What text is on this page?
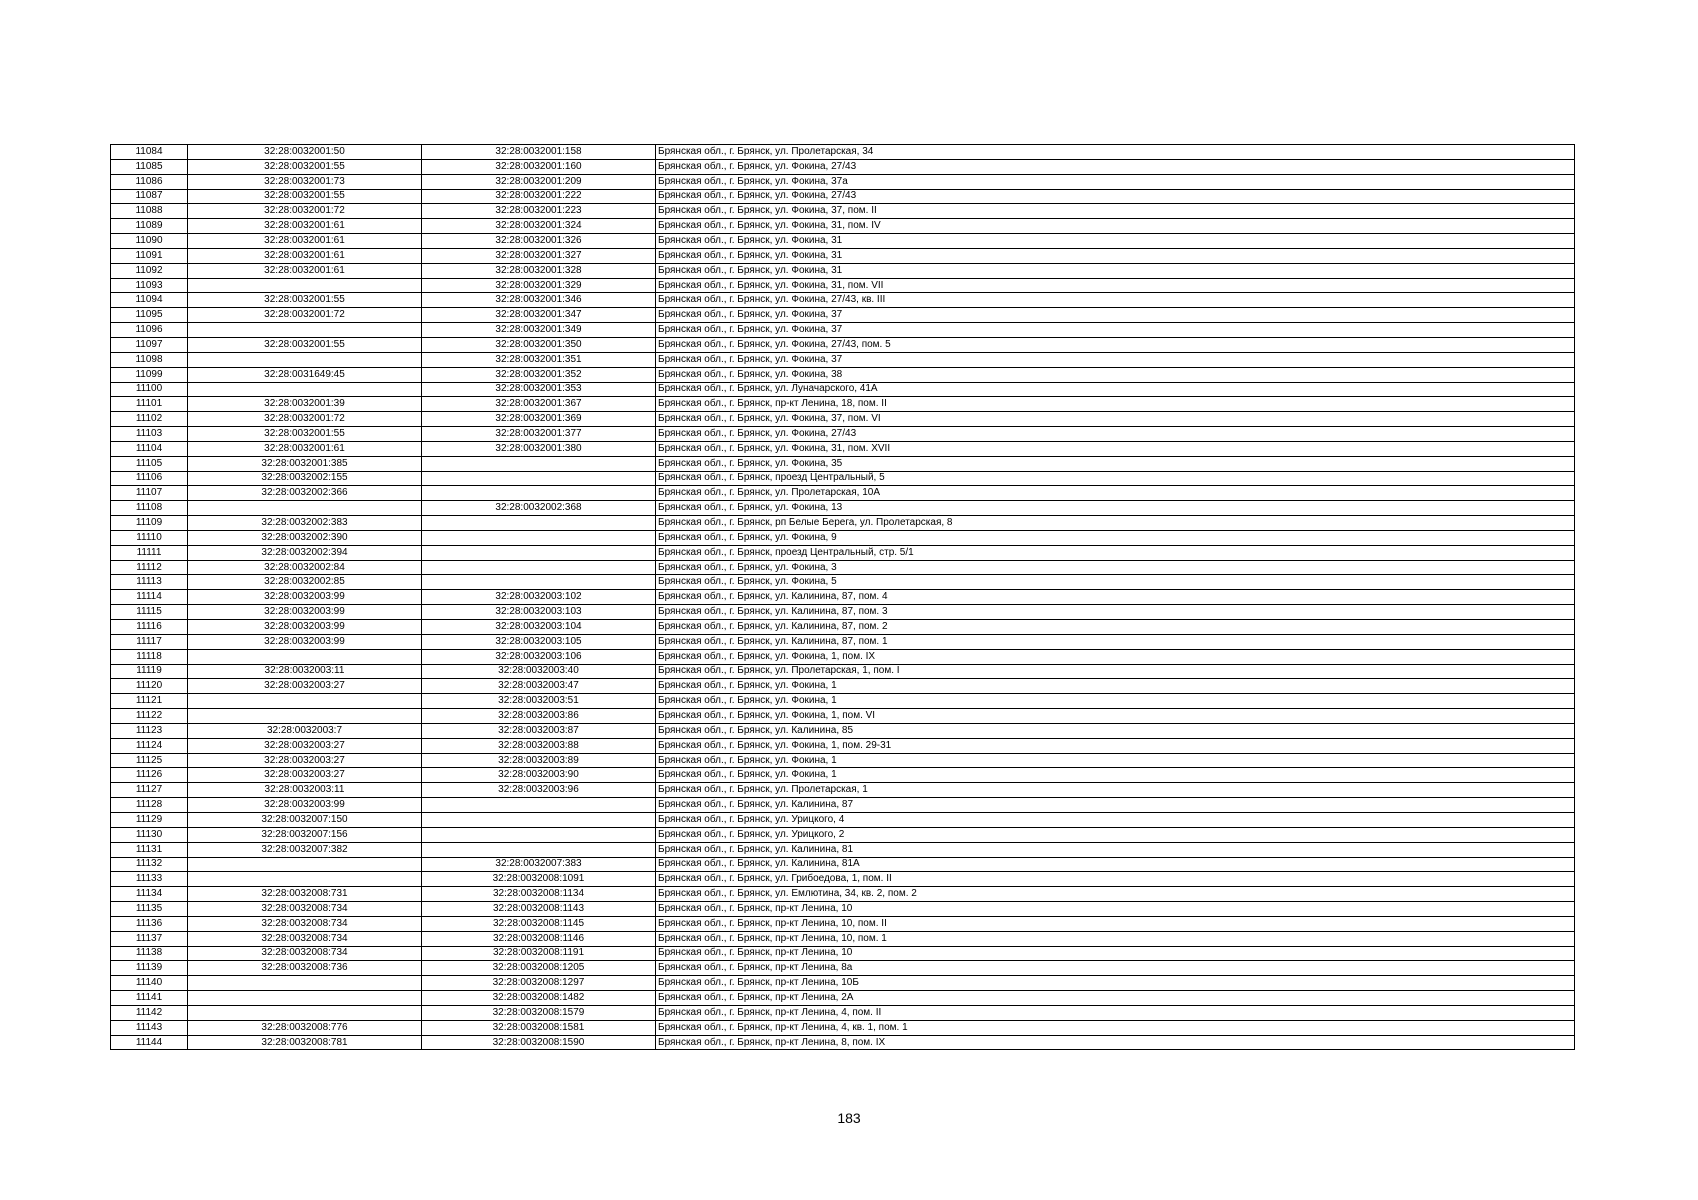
11084	32:28:0032001:50	32:28:0032001:158	Брянская обл., г. Брянск, ул. Пролетарская, 34
11085	32:28:0032001:55	32:28:0032001:160	Брянская обл., г. Брянск, ул. Фокина, 27/43
11086	32:28:0032001:73	32:28:0032001:209	Брянская обл., г. Брянск, ул. Фокина, 37а
11087	32:28:0032001:55	32:28:0032001:222	Брянская обл., г. Брянск, ул. Фокина, 27/43
11088	32:28:0032001:72	32:28:0032001:223	Брянская обл., г. Брянск, ул. Фокина, 37, пом. II
11089	32:28:0032001:61	32:28:0032001:324	Брянская обл., г. Брянск, ул. Фокина, 31, пом. IV
11090	32:28:0032001:61	32:28:0032001:326	Брянская обл., г. Брянск, ул. Фокина, 31
11091	32:28:0032001:61	32:28:0032001:327	Брянская обл., г. Брянск, ул. Фокина, 31
11092	32:28:0032001:61	32:28:0032001:328	Брянская обл., г. Брянск, ул. Фокина, 31
11093		32:28:0032001:329	Брянская обл., г. Брянск, ул. Фокина, 31, пом. VII
11094	32:28:0032001:55	32:28:0032001:346	Брянская обл., г. Брянск, ул. Фокина, 27/43, кв. III
11095	32:28:0032001:72	32:28:0032001:347	Брянская обл., г. Брянск, ул. Фокина, 37
11096		32:28:0032001:349	Брянская обл., г. Брянск, ул. Фокина, 37
11097	32:28:0032001:55	32:28:0032001:350	Брянская обл., г. Брянск, ул. Фокина, 27/43, пом. 5
11098		32:28:0032001:351	Брянская обл., г. Брянск, ул. Фокина, 37
11099	32:28:0031649:45	32:28:0032001:352	Брянская обл., г. Брянск, ул. Фокина, 38
11100		32:28:0032001:353	Брянская обл., г. Брянск, ул. Луначарского, 41А
11101	32:28:0032001:39	32:28:0032001:367	Брянская обл., г. Брянск, пр-кт Ленина, 18, пом. II
11102	32:28:0032001:72	32:28:0032001:369	Брянская обл., г. Брянск, ул. Фокина, 37, пом. VI
11103	32:28:0032001:55	32:28:0032001:377	Брянская обл., г. Брянск, ул. Фокина, 27/43
11104	32:28:0032001:61	32:28:0032001:380	Брянская обл., г. Брянск, ул. Фокина, 31, пом. XVII
11105	32:28:0032001:385		Брянская обл., г. Брянск, ул. Фокина, 35
11106	32:28:0032002:155		Брянская обл., г. Брянск, проезд Центральный, 5
11107	32:28:0032002:366		Брянская обл., г. Брянск, ул. Пролетарская, 10А
11108		32:28:0032002:368	Брянская обл., г. Брянск, ул. Фокина, 13
11109	32:28:0032002:383		Брянская обл., г. Брянск, рп Белые Берега, ул. Пролетарская, 8
11110	32:28:0032002:390		Брянская обл., г. Брянск, ул. Фокина, 9
11111	32:28:0032002:394		Брянская обл., г. Брянск, проезд Центральный, стр. 5/1
11112	32:28:0032002:84		Брянская обл., г. Брянск, ул. Фокина, 3
11113	32:28:0032002:85		Брянская обл., г. Брянск, ул. Фокина, 5
11114	32:28:0032003:99	32:28:0032003:102	Брянская обл., г. Брянск, ул. Калинина, 87, пом. 4
11115	32:28:0032003:99	32:28:0032003:103	Брянская обл., г. Брянск, ул. Калинина, 87, пом. 3
11116	32:28:0032003:99	32:28:0032003:104	Брянская обл., г. Брянск, ул. Калинина, 87, пом. 2
11117	32:28:0032003:99	32:28:0032003:105	Брянская обл., г. Брянск, ул. Калинина, 87, пом. 1
11118		32:28:0032003:106	Брянская обл., г. Брянск, ул. Фокина, 1, пом. IX
11119	32:28:0032003:11	32:28:0032003:40	Брянская обл., г. Брянск, ул. Пролетарская, 1, пом. I
11120	32:28:0032003:27	32:28:0032003:47	Брянская обл., г. Брянск, ул. Фокина, 1
11121		32:28:0032003:51	Брянская обл., г. Брянск, ул. Фокина, 1
11122		32:28:0032003:86	Брянская обл., г. Брянск, ул. Фокина, 1, пом. VI
11123	32:28:0032003:7	32:28:0032003:87	Брянская обл., г. Брянск, ул. Калинина, 85
11124	32:28:0032003:27	32:28:0032003:88	Брянская обл., г. Брянск, ул. Фокина, 1, пом. 29-31
11125	32:28:0032003:27	32:28:0032003:89	Брянская обл., г. Брянск, ул. Фокина, 1
11126	32:28:0032003:27	32:28:0032003:90	Брянская обл., г. Брянск, ул. Фокина, 1
11127	32:28:0032003:11	32:28:0032003:96	Брянская обл., г. Брянск, ул. Пролетарская, 1
11128	32:28:0032003:99		Брянская обл., г. Брянск, ул. Калинина, 87
11129	32:28:0032007:150		Брянская обл., г. Брянск, ул. Урицкого, 4
11130	32:28:0032007:156		Брянская обл., г. Брянск, ул. Урицкого, 2
11131	32:28:0032007:382		Брянская обл., г. Брянск, ул. Калинина, 81
11132		32:28:0032007:383	Брянская обл., г. Брянск, ул. Калинина, 81А
11133		32:28:0032008:1091	Брянская обл., г. Брянск, ул. Грибоедова, 1, пом. II
11134	32:28:0032008:731	32:28:0032008:1134	Брянская обл., г. Брянск, ул. Емлютина, 34, кв. 2, пом. 2
11135	32:28:0032008:734	32:28:0032008:1143	Брянская обл., г. Брянск, пр-кт Ленина, 10
11136	32:28:0032008:734	32:28:0032008:1145	Брянская обл., г. Брянск, пр-кт Ленина, 10, пом. II
11137	32:28:0032008:734	32:28:0032008:1146	Брянская обл., г. Брянск, пр-кт Ленина, 10, пом. 1
11138	32:28:0032008:734	32:28:0032008:1191	Брянская обл., г. Брянск, пр-кт Ленина, 10
11139	32:28:0032008:736	32:28:0032008:1205	Брянская обл., г. Брянск, пр-кт Ленина, 8а
11140		32:28:0032008:1297	Брянская обл., г. Брянск, пр-кт Ленина, 10Б
11141		32:28:0032008:1482	Брянская обл., г. Брянск, пр-кт Ленина, 2А
11142		32:28:0032008:1579	Брянская обл., г. Брянск, пр-кт Ленина, 4, пом. II
11143	32:28:0032008:776	32:28:0032008:1581	Брянская обл., г. Брянск, пр-кт Ленина, 4, кв. 1, пом. 1
11144	32:28:0032008:781	32:28:0032008:1590	Брянская обл., г. Брянск, пр-кт Ленина, 8, пом. IX
183
